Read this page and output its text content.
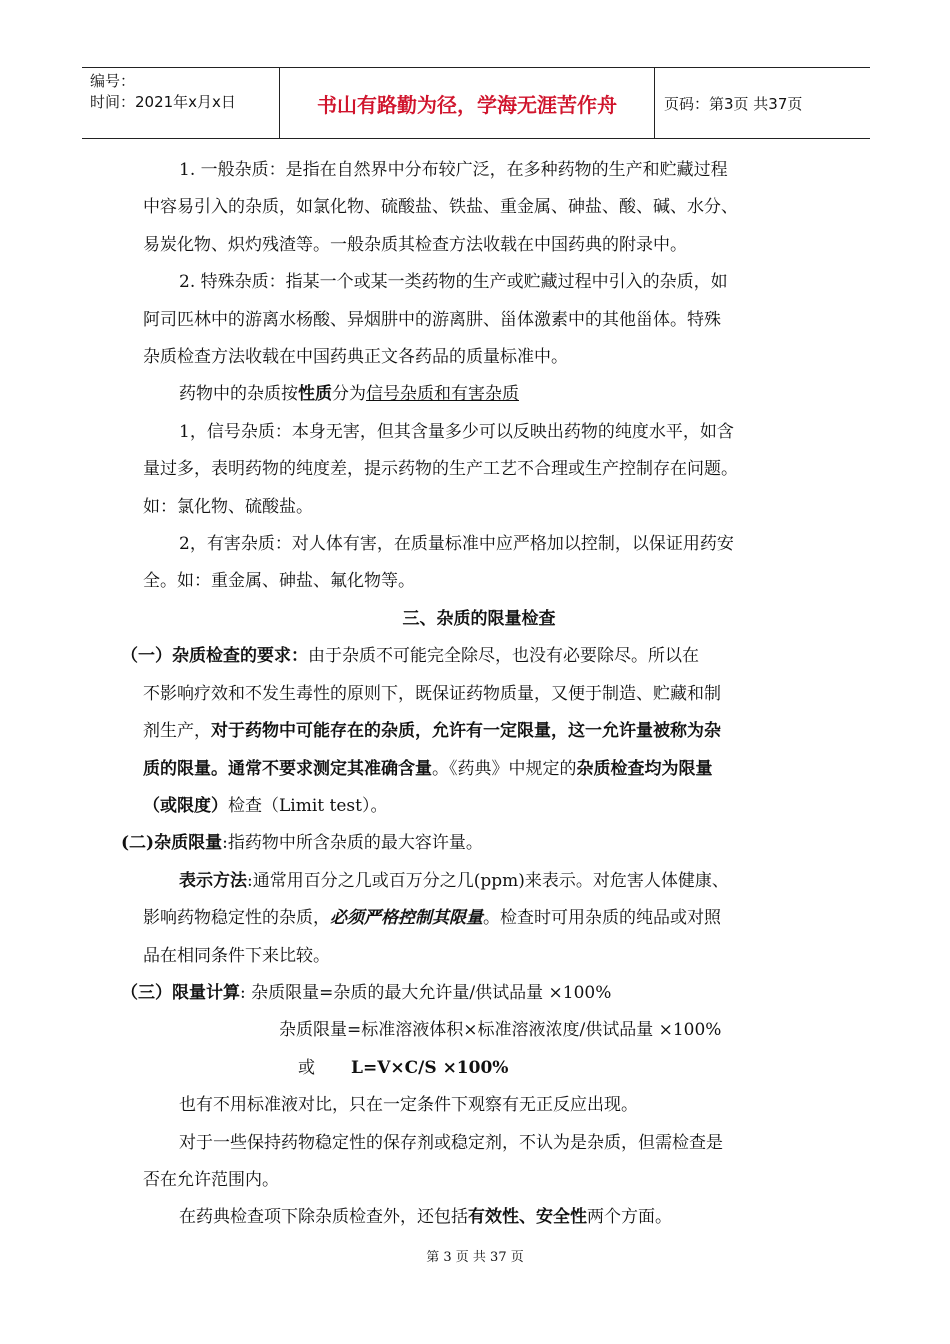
编号：
时间：2021年x月x日	书山有路勤为径，学海无涯苦作舟	页码：第3页 共37页

1. 一般杂质：是指在自然界中分布较广泛，在多种药物的生产和贮藏过程

中容易引入的杂质，如氯化物、硫酸盐、铁盐、重金属、砷盐、酸、碱、水分、

易炭化物、炽灼残渣等。一般杂质其检查方法收载在中国药典的附录中。

2. 特殊杂质：指某一个或某一类药物的生产或贮藏过程中引入的杂质，如

阿司匹林中的游离水杨酸、异烟肼中的游离肼、甾体激素中的其他甾体。特殊

杂质检查方法收载在中国药典正文各药品的质量标准中。

药物中的杂质按性质分为信号杂质和有害杂质

1，信号杂质：本身无害，但其含量多少可以反映出药物的纯度水平，如含

量过多，表明药物的纯度差，提示药物的生产工艺不合理或生产控制存在问题。

如：氯化物、硫酸盐。

2，有害杂质：对人体有害，在质量标准中应严格加以控制，以保证用药安

全。如：重金属、砷盐、氟化物等。

三、杂质的限量检查

（一）杂质检查的要求：由于杂质不可能完全除尽，也没有必要除尽。所以在

不影响疗效和不发生毒性的原则下，既保证药物质量，又便于制造、贮藏和制

剂生产，对于药物中可能存在的杂质，允许有一定限量，这一允许量被称为杂

质的限量。通常不要求测定其准确含量。《药典》中规定的杂质检查均为限量

（或限度）检查（Limit test）。

(二)杂质限量:指药物中所含杂质的最大容许量。

表示方法:通常用百分之几或百万分之几(ppm)来表示。对危害人体健康、

影响药物稳定性的杂质，必须严格控制其限量。检查时可用杂质的纯品或对照

品在相同条件下来比较。

（三）限量计算: 杂质限量=杂质的最大允许量/供试品量 ×100%

杂质限量=标准溶液体积×标准溶液浓度/供试品量 ×100%

或 L=V×C/S ×100%

也有不用标准液对比，只在一定条件下观察有无正反应出现。

对于一些保持药物稳定性的保存剂或稳定剂，不认为是杂质，但需检查是

否在允许范围内。

在药典检查项下除杂质检查外，还包括有效性、安全性两个方面。

第 3 页 共 37 页
